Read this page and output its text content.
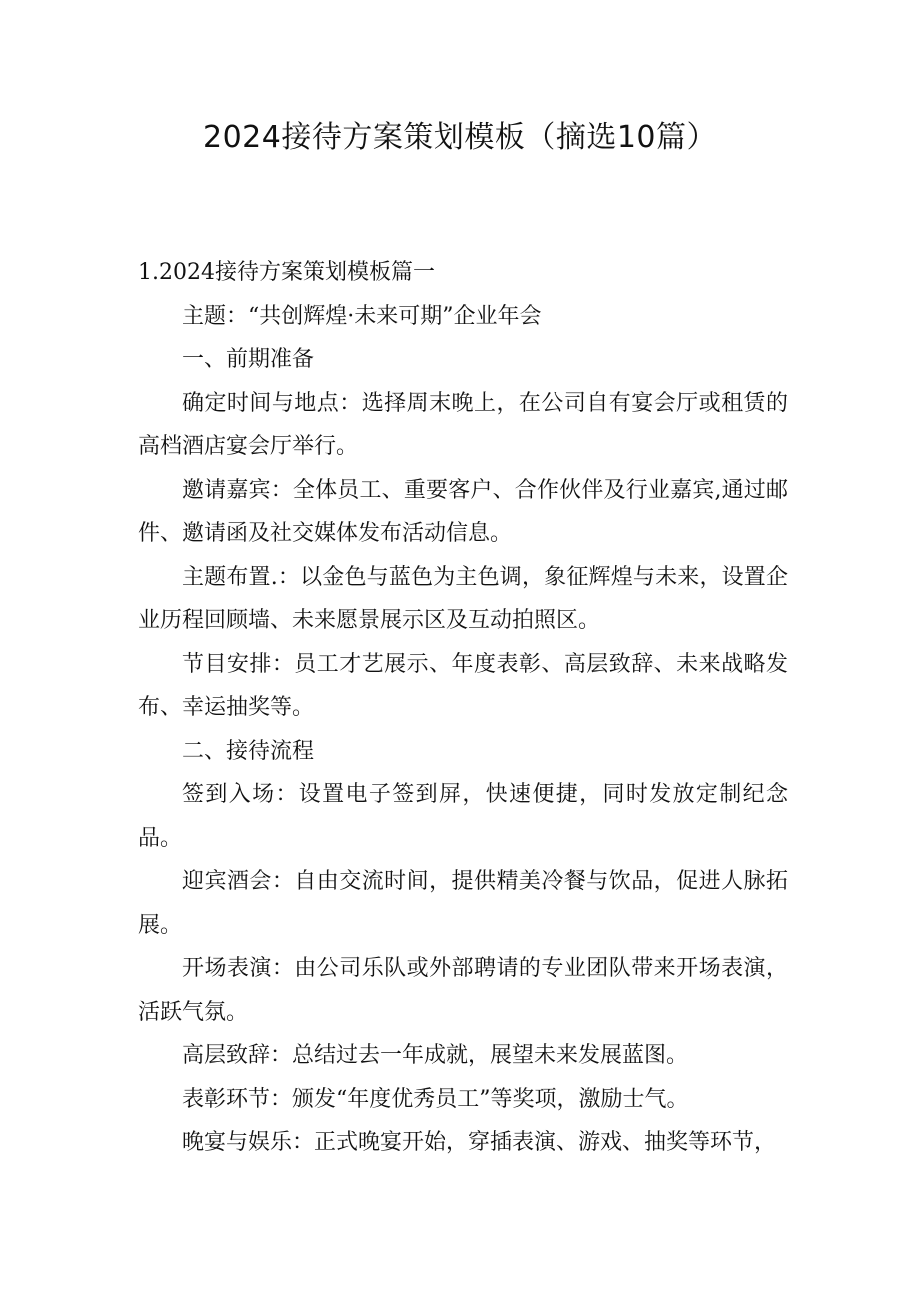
2024接待方案策划模板（摘选10篇）

1.2024接待方案策划模板篇一

主题：“共创辉煌·未来可期”企业年会

一、前期准备

确定时间与地点：选择周末晚上，在公司自有宴会厅或租赁的高档酒店宴会厅举行。

邀请嘉宾：全体员工、重要客户、合作伙伴及行业嘉宾,通过邮件、邀请函及社交媒体发布活动信息。

主题布置.：以金色与蓝色为主色调，象征辉煌与未来，设置企业历程回顾墙、未来愿景展示区及互动拍照区。

节目安排：员工才艺展示、年度表彰、高层致辞、未来战略发布、幸运抽奖等。

二、接待流程

签到入场：设置电子签到屏，快速便捷，同时发放定制纪念品。

迎宾酒会：自由交流时间，提供精美冷餐与饮品，促进人脉拓展。

开场表演：由公司乐队或外部聘请的专业团队带来开场表演，活跃气氛。

高层致辞：总结过去一年成就，展望未来发展蓝图。

表彰环节：颁发“年度优秀员工”等奖项，激励士气。

晚宴与娱乐：正式晚宴开始，穿插表演、游戏、抽奖等环节，
